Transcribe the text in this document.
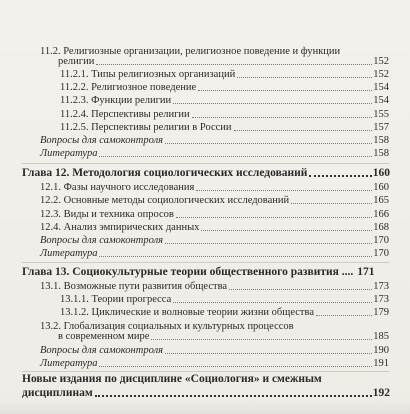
11.2. Религиозные организации, религиозное поведение и функции
религии	152
11.2.1. Типы религиозных организаций	152
11.2.2. Религиозное поведение	154
11.2.3. Функции религии	154
11.2.4. Перспективы религии	155
11.2.5. Перспективы религии в России	157
Вопросы для самоконтроля	158
Литература	158
Глава 12. Методология социологических исследований	160
12.1. Фазы научного исследования	160
12.2. Основные методы социологических исследований	165
12.3. Виды и техника опросов	166
12.4. Анализ эмпирических данных	168
Вопросы для самоконтроля	170
Литература	170
Глава 13. Социокультурные теории общественного развития .... 171
13.1. Возможные пути развития общества	173
13.1.1. Теории прогресса	173
13.1.2. Циклические и волновые теории жизни общества	179
13.2. Глобализация социальных и культурных процессов
в современном мире	185
Вопросы для самоконтроля	190
Литература	191
Новые издания по дисциплине «Социология» и смежным
дисциплинам	192
